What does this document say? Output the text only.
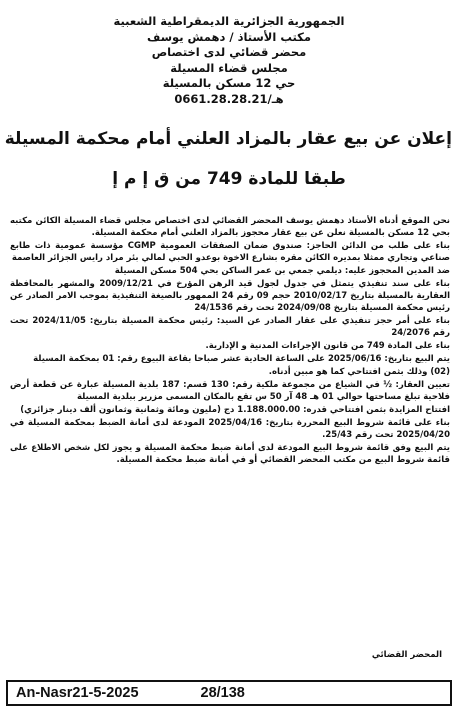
الجمهورية الجزائرية الديمقراطية الشعبية
مكتب الأستاذ / دهمش يوسف
محضر قضائي لدى اختصاص
مجلس قضاء المسيلة
حي 12 مسكن بالمسيلة
هـ/0661.28.28.21
إعلان عن بيع عقار بالمزاد العلني أمام محكمة المسيلة
طبقا للمادة 749 من ق إ م إ

نحن الموقع أدناه الأستاذ دهمش يوسف المحضر القضائي لدى اختصاص مجلس قضاء المسيلة الكائن مكتبه بحي 12 مسكن بالمسيلة نعلن عن بيع عقار محجوز بالمزاد العلني أمام محكمة المسيلة.

بناء على طلب من الدائن الحاجز: صندوق ضمان الصفقات العمومية CGMP مؤسسة عمومية ذات طابع صناعي وتجاري ممثلا بمديره الكائن مقره بشارع الاخوة بوعدو الحبي لمالي بئر مراد رايس الجزائر العاصمة

ضد المدين المحجوز عليه: ديلمي جمعي بن عمر الساكن بحي 504 مسكن المسيلة

بناء على سند تنفيذي يتمثل في جدول لجول قيد الرهن المؤرخ في 2009/12/21 والمشهر بالمحافظة العقارية بالمسيلة بتاريخ 2010/02/17 حجم 09 رقم 24 الممهور بالصيغة التنفيذية بموجب الامر الصادر عن رئيس محكمة المسيلة بتاريخ 2024/09/08 تحت رقم 24/1536

بناء على أمر حجز تنفيذي على عقار الصادر عن السيد: رئيس محكمة المسيلة بتاريخ: 2024/11/05 تحت رقم 24/2076

بناء على المادة 749 من قانون الإجراءات المدنية و الإدارية.

يتم البيع بتاريخ: 2025/06/16 على الساعة الحادية عشر صباحا بقاعة البيوع رقم: 01 بمحكمة المسيلة

(02) وذلك بثمن افتتاحي كما هو مبين أدناه.

تعيين العقار: ½ في الشياع من مجموعة ملكية رقم: 130 قسم: 187 بلدية المسيلة عبارة عن قطعة أرض فلاحية تبلغ مساحتها حوالي 01 هـ 48 آر 50 س تقع بالمكان المسمى مزرير ببلدية المسيلة

افتتاح المزايدة بثمن افتتاحي قدره: 1.188.000.00 دج (مليون ومائة وثمانية وثمانون ألف دينار جزائري)

بناء على قائمة شروط البيع المحررة بتاريخ: 2025/04/16 المودعة لدى أمانة الضبط بمحكمة المسيلة في 2025/04/20 تحت رقم 25/43.

يتم البيع وفق قائمة شروط البيع المودعة لدى أمانة ضبط محكمة المسيلة و يجوز لكل شخص الاطلاع على قائمة شروط البيع من مكتب المحضر القضائي أو في أمانة ضبط محكمة المسيلة.

المحضر القضائي
An-Nasr21-5-2025	28/138
